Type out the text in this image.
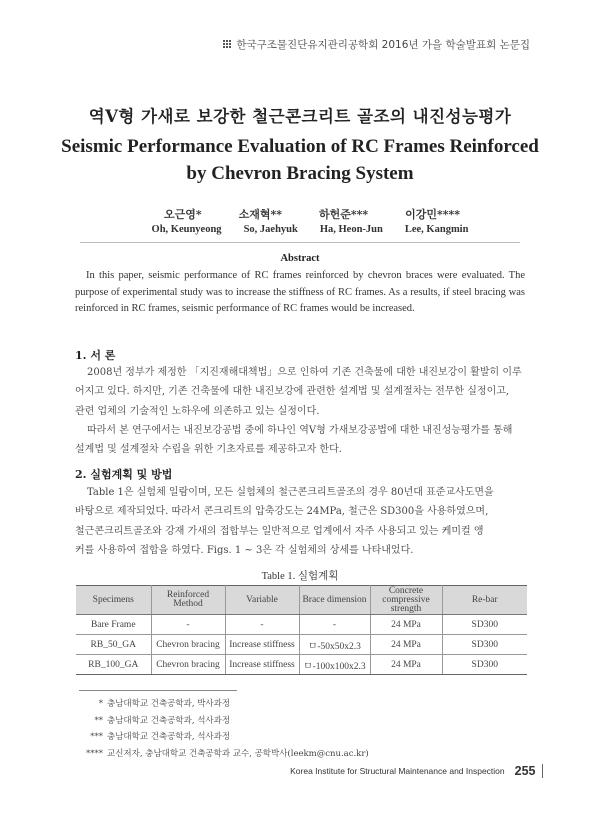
한국구조물진단유지관리공학회 2016년 가을 학술발표회 논문집
역V형 가새로 보강한 철근콘크리트 골조의 내진성능평가
Seismic Performance Evaluation of RC Frames Reinforced
by Chevron Bracing System
오근영*	소재혁**	하헌준***	이강민****
Oh, Keunyeong So, Jaehyuk Ha, Heon-Jun Lee, Kangmin
Abstract
In this paper, seismic performance of RC frames reinforced by chevron braces were evaluated. The purpose of experimental study was to increase the stiffness of RC frames. As a results, if steel bracing was reinforced in RC frames, seismic performance of RC frames would be increased.
1. 서 론
2008년 정부가 제정한 「지진재해대책법」으로 인하여 기존 건축물에 대한 내진보강이 활발히 이루
어지고 있다. 하지만, 기존 건축물에 대한 내진보강에 관련한 설계법 및 설계절차는 전무한 실정이고,
관련 업체의 기술적인 노하우에 의존하고 있는 실정이다.
따라서 본 연구에서는 내진보강공법 중에 하나인 역V형 가새보강공법에 대한 내진성능평가를 통해
설계법 및 설계절차 수립을 위한 기초자료를 제공하고자 한다.
2. 실험계획 및 방법
Table 1은 실험체 일람이며, 모든 실험체의 철근콘크리트골조의 경우 80년대 표준교사도면을
바탕으로 제작되었다. 따라서 콘크리트의 압축강도는 24MPa, 철근은 SD300을 사용하였으며,
철근콘크리트골조와 강재 가새의 접합부는 일반적으로 업계에서 자주 사용되고 있는 케미컬 앵
커를 사용하여 접합을 하였다. Figs. 1 ~ 3은 각 실험체의 상세를 나타내었다.
Table 1. 실험계획
Specimens	Reinforced Method	Variable	Brace dimension	Concrete compressive strength	Re-bar
Bare Frame	-	-	-	24 MPa	SD300
RB_50_GA	Chevron bracing	Increase stiffness	ㅁ-50x50x2.3	24 MPa	SD300
RB_100_GA	Chevron bracing	Increase stiffness	ㅁ-100x100x2.3	24 MPa	SD300
* 충남대학교 건축공학과, 박사과정
** 충남대학교 건축공학과, 석사과정
*** 충남대학교 건축공학과, 석사과정
**** 교신저자, 충남대학교 건축공학과 교수, 공학박사(leekm@cnu.ac.kr)
Korea Institute for Structural Maintenance and Inspection 255
